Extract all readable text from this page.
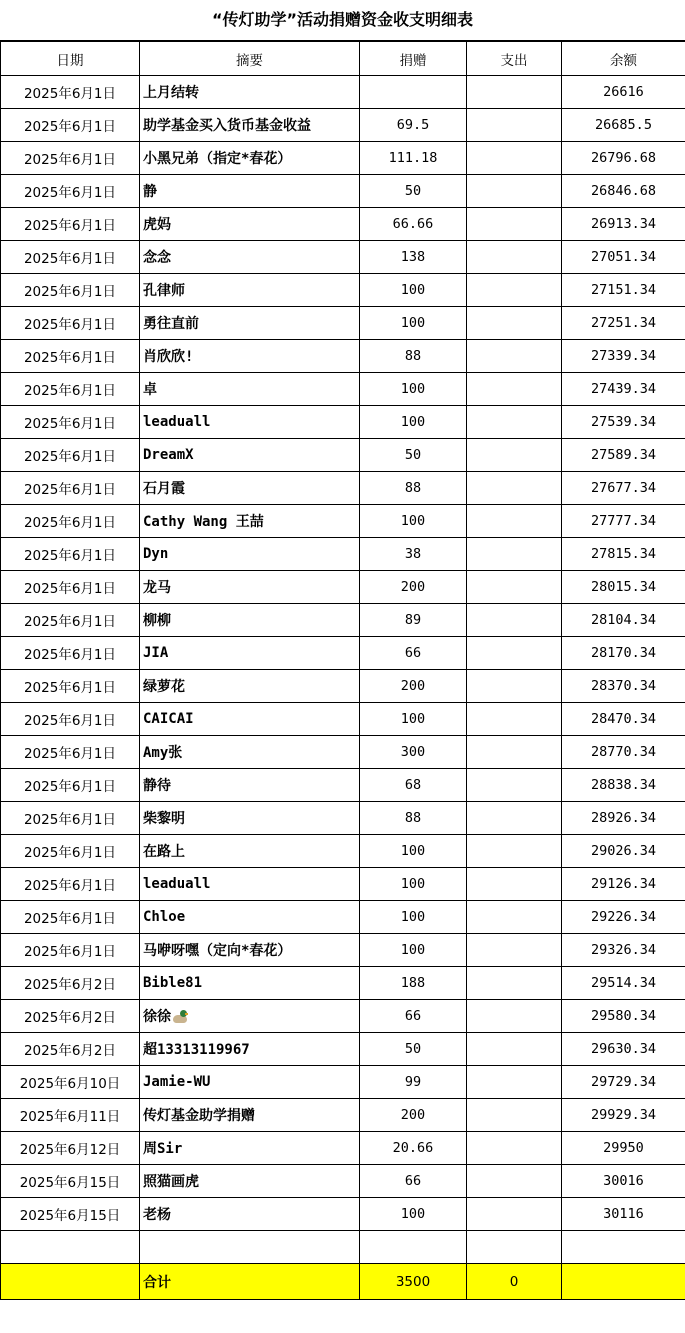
“传灯助学”活动捐赠资金收支明细表
日期	摘要	捐赠	支出	余额
2025年6月1日	上月结转			26616
2025年6月1日	助学基金买入货币基金收益	69.5		26685.5
2025年6月1日	小黑兄弟（指定*春花）	111.18		26796.68
2025年6月1日	静	50		26846.68
2025年6月1日	虎妈	66.66		26913.34
2025年6月1日	念念	138		27051.34
2025年6月1日	孔律师	100		27151.34
2025年6月1日	勇往直前	100		27251.34
2025年6月1日	肖欣欣!	88		27339.34
2025年6月1日	卓	100		27439.34
2025年6月1日	leaduall	100		27539.34
2025年6月1日	DreamX	50		27589.34
2025年6月1日	石月霞	88		27677.34
2025年6月1日	Cathy Wang 王喆	100		27777.34
2025年6月1日	Dyn	38		27815.34
2025年6月1日	龙马	200		28015.34
2025年6月1日	柳柳	89		28104.34
2025年6月1日	JIA	66		28170.34
2025年6月1日	绿萝花	200		28370.34
2025年6月1日	CAICAI	100		28470.34
2025年6月1日	Amy张	300		28770.34
2025年6月1日	静待	68		28838.34
2025年6月1日	柴黎明	88		28926.34
2025年6月1日	在路上	100		29026.34
2025年6月1日	leaduall	100		29126.34
2025年6月1日	Chloe	100		29226.34
2025年6月1日	马咿呀嘿（定向*春花）	100		29326.34
2025年6月2日	Bible81	188		29514.34
2025年6月2日	徐徐	66		29580.34
2025年6月2日	超13313119967	50		29630.34
2025年6月10日	Jamie-WU	99		29729.34
2025年6月11日	传灯基金助学捐赠	200		29929.34
2025年6月12日	周Sir	20.66		29950
2025年6月15日	照猫画虎	66		30016
2025年6月15日	老杨	100		30116

	合计	3500	0	
